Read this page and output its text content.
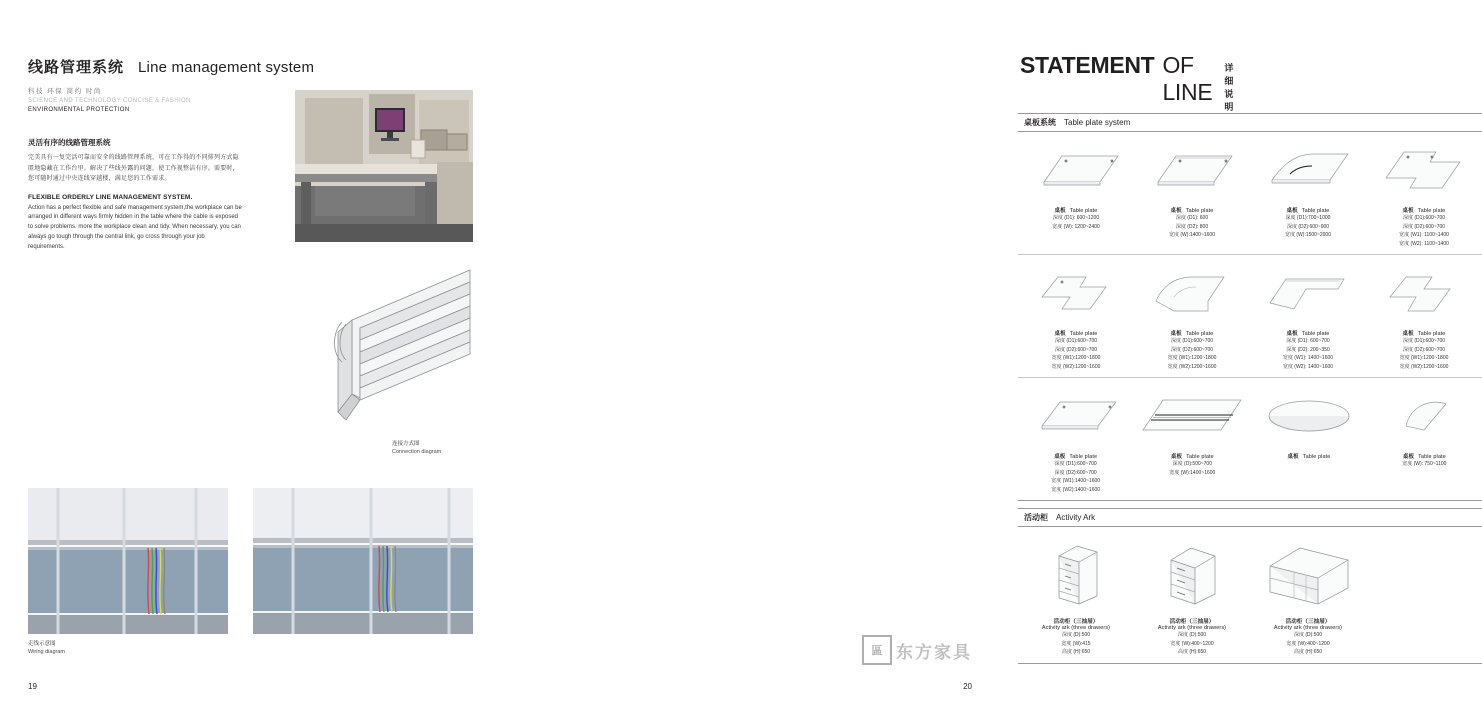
线路管理系统 Line management system
科技 环保 简约 时尚
SCIENCE AND TECHNOLOGY CONCISE & FASHION
ENVIRONMENTAL PROTECTION
灵活有序的线路管理系统
完美具有一复完活可靠而安全的线路管理系统，可在工作得的不同排列方式隐匿地隐藏在工作台里。解决了些线外露的问题，使工作视整洁有序。需要时，您可随时通过中央连线穿越楼，满足您的工作需求。
FLEXIBLE ORDERLY LINE MANAGEMENT SYSTEM.
Action has a perfect flexible and safe management system,the workplace can be arranged in different ways firmly hidden in the table where the cable is exposed to solve problems. more the workplace clean and tidy. When necessary, you can always go tough through the central link, go cross through your job requirements.
连接方式图
Connection diagram
走线示意图
Wiring diagram
19
STATEMENT OF LINE
详细说明
桌板系统 Table plate system
桌板 Table plate
深度 (D1): 600~1200
宽度 (W): 1200~2400
桌板 Table plate
深度 (D1): 600
深度 (D2): 800
宽度 (W):1400~1600
桌板 Table plate
深度 (D1):700~1000
深度 (D2):600~900
宽度 (W):1500~2000
桌板 Table plate
深度 (D1):600~700
深度 (D2):600~700
宽度 (W1): 1100~1400
宽度 (W2): 1100~1400
桌板 Table plate
深度 (D1):600~700
深度 (D2):600~700
宽度 (W1):1200~1800
宽度 (W2):1200~1600
桌板 Table plate
深度 (D1):600~700
深度 (D2):600~700
宽度 (W1):1200~1800
宽度 (W2):1200~1600
桌板 Table plate
深度 (D1): 600~700
深度 (D2): 200~350
宽度 (W1): 1400~1600
宽度 (W2): 1400~1600
桌板 Table plate
深度 (D1):600~700
深度 (D2):600~700
宽度 (W1):1200~1800
宽度 (W2):1200~1600
桌板 Table plate
深度 (D1):600~700
深度 (D2):600~700
宽度 (W1):1400~1600
宽度 (W2):1400~1600
桌板 Table plate
深度 (D):500~700
宽度 (W):1400~1600
桌板 Table plate	桌板 Table plate
宽度 (W): 750~1100
活动柜 Activity Ark
活动柜（三抽屉）
Activity ark (three drawers)
深度 (D):500
宽度 (W):415
高度 (H):650
活动柜（三抽屉）
Activity ark (three drawers)
深度 (D):500
宽度 (W):400~1200
高度 (H):650
活动柜（三抽屉）
Activity ark (three drawers)
深度 (D):500
宽度 (W):400~1200
高度 (H):650
區 东方家具
20
